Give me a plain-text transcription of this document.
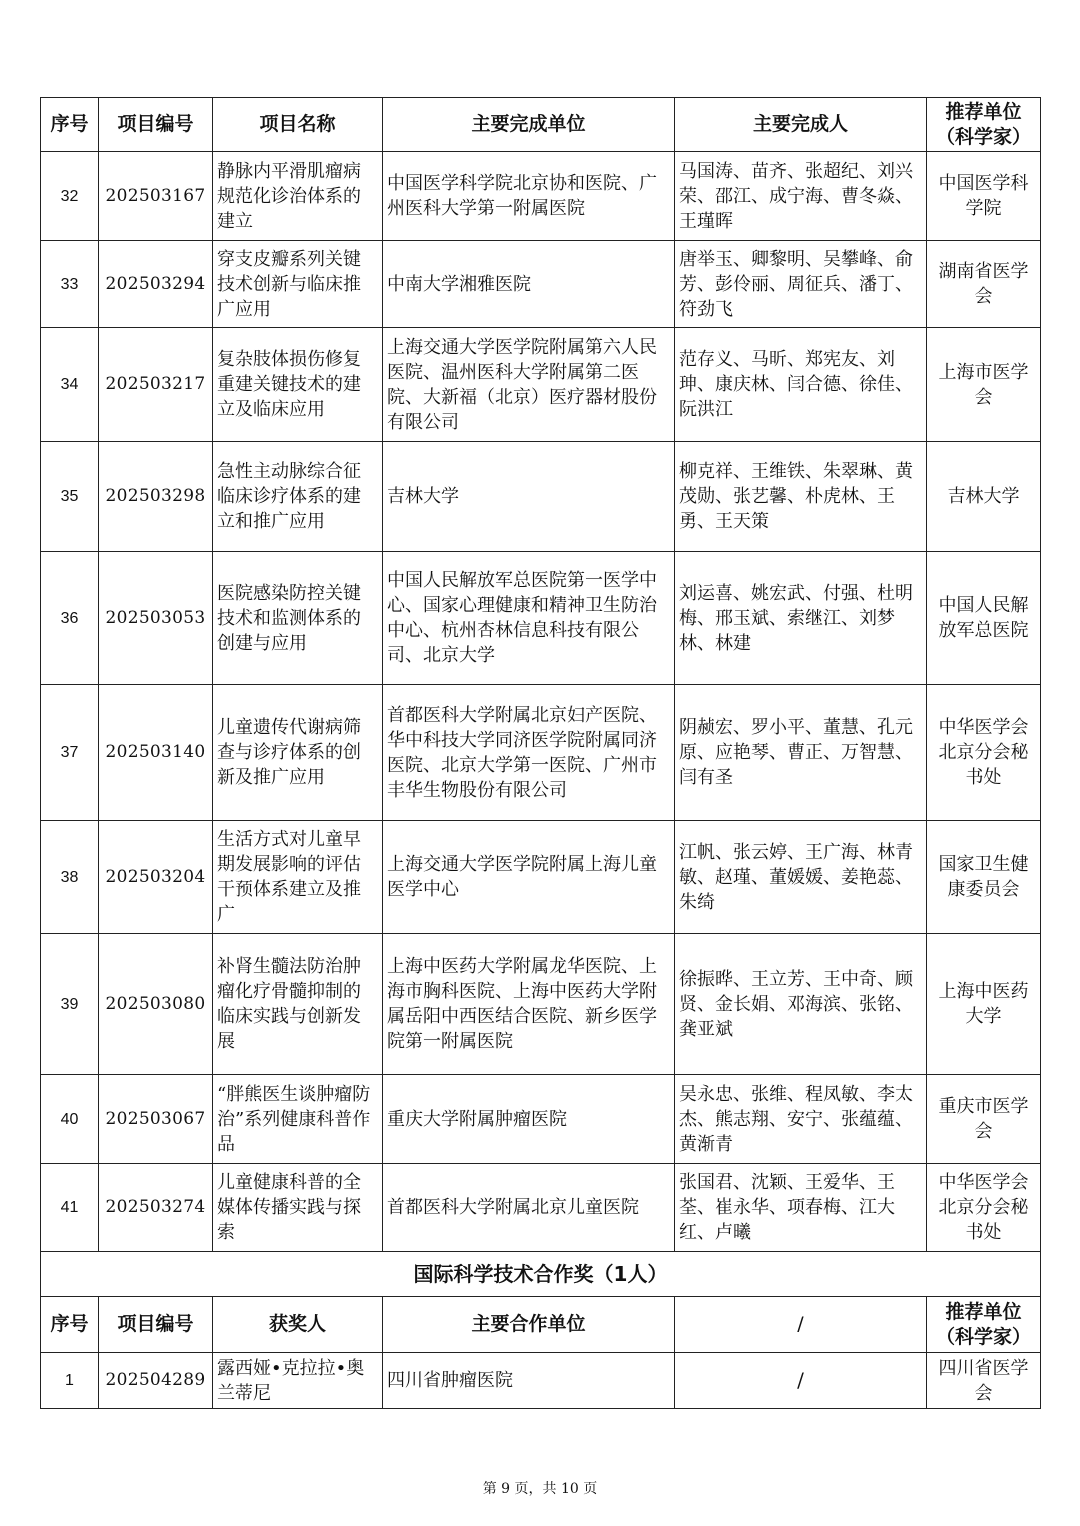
序号	项目编号	项目名称	主要完成单位	主要完成人	推荐单位
（科学家）
32	202503167	静脉内平滑肌瘤病规范化诊治体系的建立	中国医学科学院北京协和医院、广州医科大学第一附属医院	马国涛、苗齐、张超纪、刘兴荣、邵江、成宁海、曹冬焱、王瑾晖	中国医学科学院
33	202503294	穿支皮瓣系列关键技术创新与临床推广应用	中南大学湘雅医院	唐举玉、卿黎明、吴攀峰、俞芳、彭伶丽、周征兵、潘丁、符劲飞	湖南省医学会
34	202503217	复杂肢体损伤修复重建关键技术的建立及临床应用	上海交通大学医学院附属第六人民医院、温州医科大学附属第二医院、大新福（北京）医疗器材股份有限公司	范存义、马昕、郑宪友、刘珅、康庆林、闫合德、徐佳、阮洪江	上海市医学会
35	202503298	急性主动脉综合征临床诊疗体系的建立和推广应用	吉林大学	柳克祥、王维铁、朱翠琳、黄茂勋、张艺馨、朴虎林、王勇、王天策	吉林大学
36	202503053	医院感染防控关键技术和监测体系的创建与应用	中国人民解放军总医院第一医学中心、国家心理健康和精神卫生防治中心、杭州杏林信息科技有限公司、北京大学	刘运喜、姚宏武、付强、杜明梅、邢玉斌、索继江、刘梦林、林建	中国人民解放军总医院
37	202503140	儿童遗传代谢病筛查与诊疗体系的创新及推广应用	首都医科大学附属北京妇产医院、华中科技大学同济医学院附属同济医院、北京大学第一医院、广州市丰华生物股份有限公司	阴赪宏、罗小平、董慧、孔元原、应艳琴、曹正、万智慧、闫有圣	中华医学会北京分会秘书处
38	202503204	生活方式对儿童早期发展影响的评估干预体系建立及推广	上海交通大学医学院附属上海儿童医学中心	江帆、张云婷、王广海、林青敏、赵瑾、董媛媛、姜艳蕊、朱绮	国家卫生健康委员会
39	202503080	补肾生髓法防治肿瘤化疗骨髓抑制的临床实践与创新发展	上海中医药大学附属龙华医院、上海市胸科医院、上海中医药大学附属岳阳中西医结合医院、新乡医学院第一附属医院	徐振晔、王立芳、王中奇、顾贤、金长娟、邓海滨、张铭、龚亚斌	上海中医药大学
40	202503067	“胖熊医生谈肿瘤防治”系列健康科普作品	重庆大学附属肿瘤医院	吴永忠、张维、程凤敏、李太杰、熊志翔、安宁、张蕴蕴、黄渐青	重庆市医学会
41	202503274	儿童健康科普的全媒体传播实践与探索	首都医科大学附属北京儿童医院	张国君、沈颖、王爱华、王荃、崔永华、项春梅、江大红、卢曦	中华医学会北京分会秘书处
国际科学技术合作奖（1人）					
序号	项目编号	获奖人	主要合作单位	/	推荐单位
（科学家）
1	202504289	露西娅•克拉拉•奥兰蒂尼	四川省肿瘤医院	/	四川省医学会
第 9 页，共 10 页
